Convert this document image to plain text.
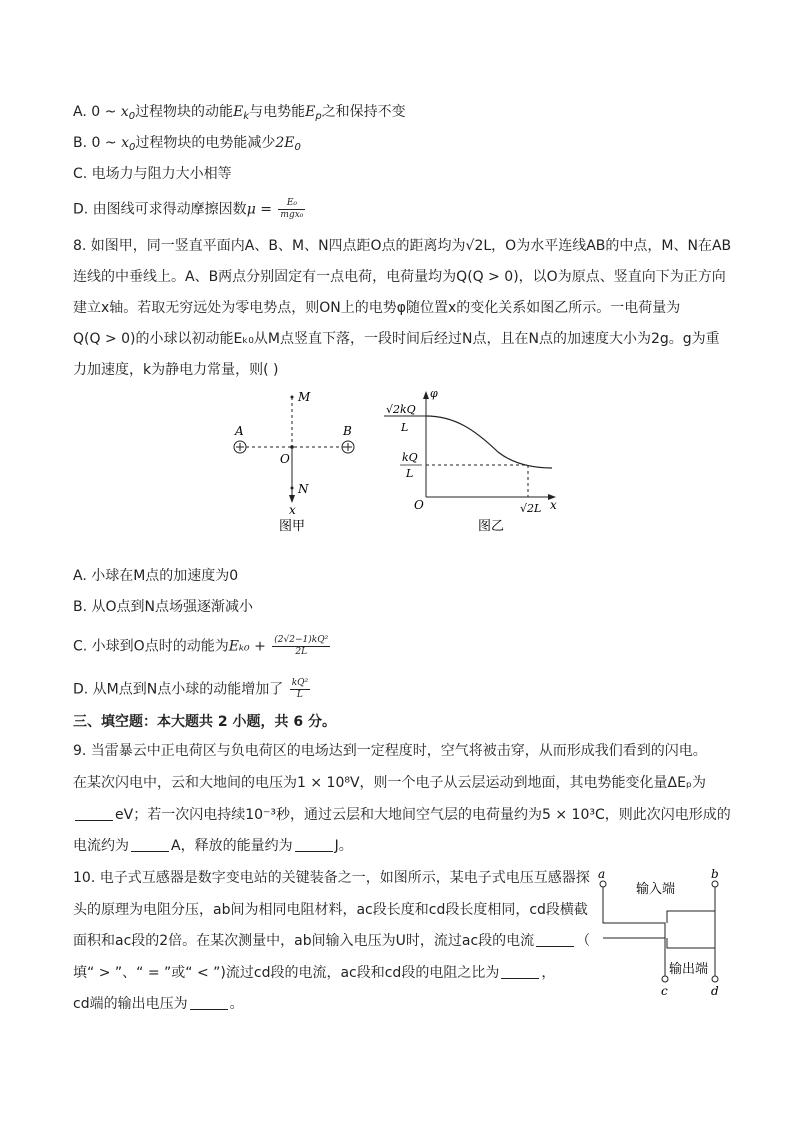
A. 0 ~ $x_0$过程物块的动能$E_k$与电势能$E_p$之和保持不变
B. 0 ~ $x_0$过程物块的电势能减少$2E_0$
C. 电场力与阻力大小相等
D. 由图线可求得动摩擦因数$\mu = \frac{\text{E₀}}{\text{mgx₀}}$
8. 如图甲，同一竖直平面内A、B、M、N四点距O点的距离均为√2L，O为水平连线AB的中点，M、N在AB
连线的中垂线上。A、B两点分别固定有一点电荷，电荷量均为Q(Q > 0)，以O为原点、竖直向下为正方向
建立x轴。若取无穷远处为零电势点，则ON上的电势φ随位置x的变化关系如图乙所示。一电荷量为
Q(Q > 0)的小球以初动能Eₖ₀从M点竖直下落，一段时间后经过N点，且在N点的加速度大小为2g。g为重
力加速度，k为静电力常量，则( )
A	B
M
O
N
x
图甲
φ
√2kQ
L
kQ
L
O	√2L x
图乙
A. 小球在M点的加速度为0
B. 从O点到N点场强逐渐减小
C. 小球到O点时的动能为$E_{k0} + \frac{\text{(2√2−1)kQ²}}{2L}$
D. 从M点到N点小球的动能增加了 $\frac{\text{kQ²}}{L}$
三、填空题：本大题共 2 小题，共 6 分。
9. 当雷暴云中正电荷区与负电荷区的电场达到一定程度时，空气将被击穿，从而形成我们看到的闪电。
在某次闪电中，云和大地间的电压为1 × 10⁸V，则一个电子从云层运动到地面，其电势能变化量ΔEₚ为
eV；若一次闪电持续10⁻³秒，通过云层和大地间空气层的电荷量约为5 × 10³C，则此次闪电形成的
电流约为	A，释放的能量约为	J。
10. 电子式互感器是数字变电站的关键装备之一，如图所示，某电子式电压互感器探
头的原理为电阻分压，ab间为相同电阻材料，ac段长度和cd段长度相同，cd段横截
面积和ac段的2倍。在某次测量中，ab间输入电压为U时，流过ac段的电流	（
填“ > ”、“ = ”或“ < ”)流过cd段的电流，ac段和cd段的电阻之比为	，
cd端的输出电压为	。
a	b
c	d
输入端
输出端
